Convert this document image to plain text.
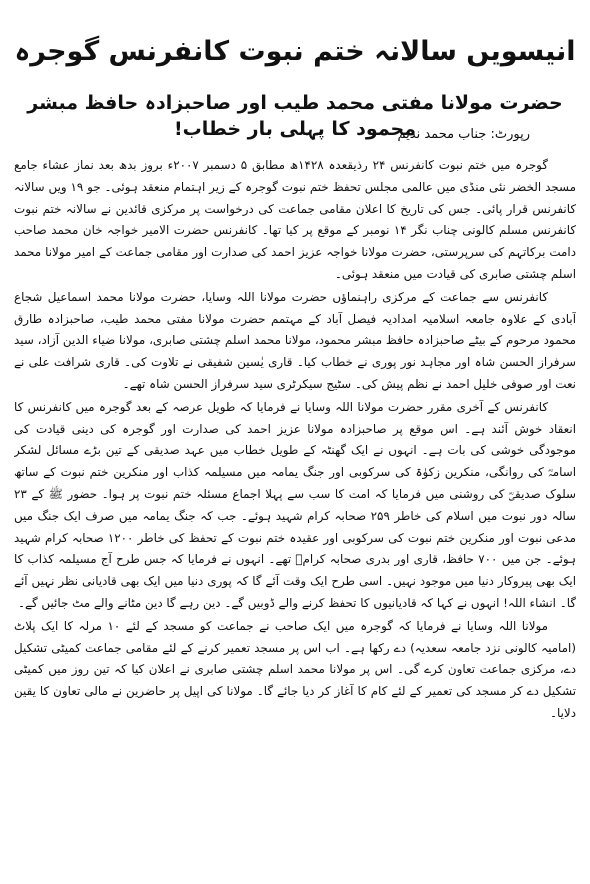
انیسویں سالانہ ختم نبوت کانفرنس گوجرہ
حضرت مولانا مفتی محمد طیب اور صاحبزادہ حافظ مبشر محمود کا پہلی بار خطاب!
رپورٹ: جناب محمد ندیم

گوجرہ میں ختم نبوت کانفرنس ۲۴ رذیقعدہ ۱۴۲۸ھ مطابق ۵ دسمبر ۲۰۰۷ء بروز بدھ بعد نماز عشاء جامع مسجد الخضر نئی منڈی میں عالمی مجلس تحفظ ختم نبوت گوجرہ کے زیر اہتمام منعقد ہوئی۔ جو ۱۹ ویں سالانہ کانفرنس قرار پائی۔ جس کی تاریخ کا اعلان مقامی جماعت کی درخواست پر مرکزی قائدین نے سالانہ ختم نبوت کانفرنس مسلم کالونی چناب نگر ۱۴ نومبر کے موقع پر کیا تھا۔ کانفرنس حضرت الامیر خواجہ خان محمد صاحب دامت برکاتہم کی سرپرستی، حضرت مولانا خواجہ عزیز احمد کی صدارت اور مقامی جماعت کے امیر مولانا محمد اسلم چشتی صابری کی قیادت میں منعقد ہوئی۔

کانفرنس سے جماعت کے مرکزی راہنماؤں حضرت مولانا اللہ وسایا، حضرت مولانا محمد اسماعیل شجاع آبادی کے علاوہ جامعہ اسلامیہ امدادیہ فیصل آباد کے مہتمم حضرت مولانا مفتی محمد طیب، صاحبزادہ طارق محمود مرحوم کے بیٹے صاحبزادہ حافظ مبشر محمود، مولانا محمد اسلم چشتی صابری، مولانا ضیاء الدین آزاد، سید سرفراز الحسن شاہ اور مجاہد نور پوری نے خطاب کیا۔ قاری یٰسین شفیقی نے تلاوت کی۔ قاری شرافت علی نے نعت اور صوفی خلیل احمد نے نظم پیش کی۔ سٹیج سیکرٹری سید سرفراز الحسن شاہ تھے۔

کانفرنس کے آخری مقرر حضرت مولانا اللہ وسایا نے فرمایا کہ طویل عرصہ کے بعد گوجرہ میں کانفرنس کا انعقاد خوش آئند ہے۔ اس موقع پر صاحبزادہ مولانا عزیز احمد کی صدارت اور گوجرہ کی دینی قیادت کی موجودگی خوشی کی بات ہے۔ انہوں نے ایک گھنٹہ کے طویل خطاب میں عہد صدیقی کے تین بڑے مسائل لشکر اسامہؓ کی روانگی، منکرین زکوٰۃ کی سرکوبی اور جنگ یمامہ میں مسیلمہ کذاب اور منکرین ختم نبوت کے ساتھ سلوک صدیقیؓ کی روشنی میں فرمایا کہ امت کا سب سے پہلا اجماع مسئلہ ختم نبوت پر ہوا۔ حضور ﷺ کے ۲۳ سالہ دور نبوت میں اسلام کی خاطر ۲۵۹ صحابہ کرام شہید ہوئے۔ جب کہ جنگ یمامہ میں صرف ایک جنگ میں مدعی نبوت اور منکرین ختم نبوت کی سرکوبی اور عقیدہ ختم نبوت کے تحفظ کی خاطر ۱۲۰۰ صحابہ کرام شہید ہوئے۔ جن میں ۷۰۰ حافظ، قاری اور بدری صحابہ کرامؓ تھے۔ انہوں نے فرمایا کہ جس طرح آج مسیلمہ کذاب کا ایک بھی پیروکار دنیا میں موجود نہیں۔ اسی طرح ایک وقت آئے گا کہ پوری دنیا میں ایک بھی قادیانی نظر نہیں آئے گا۔ انشاء اللہ! انہوں نے کہا کہ قادیانیوں کا تحفظ کرنے والے ڈوبیں گے۔ دین رہے گا دین مٹانے والے مٹ جائیں گے۔

مولانا اللہ وسایا نے فرمایا کہ گوجرہ میں ایک صاحب نے جماعت کو مسجد کے لئے ۱۰ مرلہ کا ایک پلاٹ (امامیہ کالونی نزد جامعہ سعدیہ) دے رکھا ہے۔ اب اس پر مسجد تعمیر کرنے کے لئے مقامی جماعت کمیٹی تشکیل دے، مرکزی جماعت تعاون کرے گی۔ اس پر مولانا محمد اسلم چشتی صابری نے اعلان کیا کہ تین روز میں کمیٹی تشکیل دے کر مسجد کی تعمیر کے لئے کام کا آغاز کر دیا جائے گا۔ مولانا کی اپیل پر حاضرین نے مالی تعاون کا یقین دلایا۔
